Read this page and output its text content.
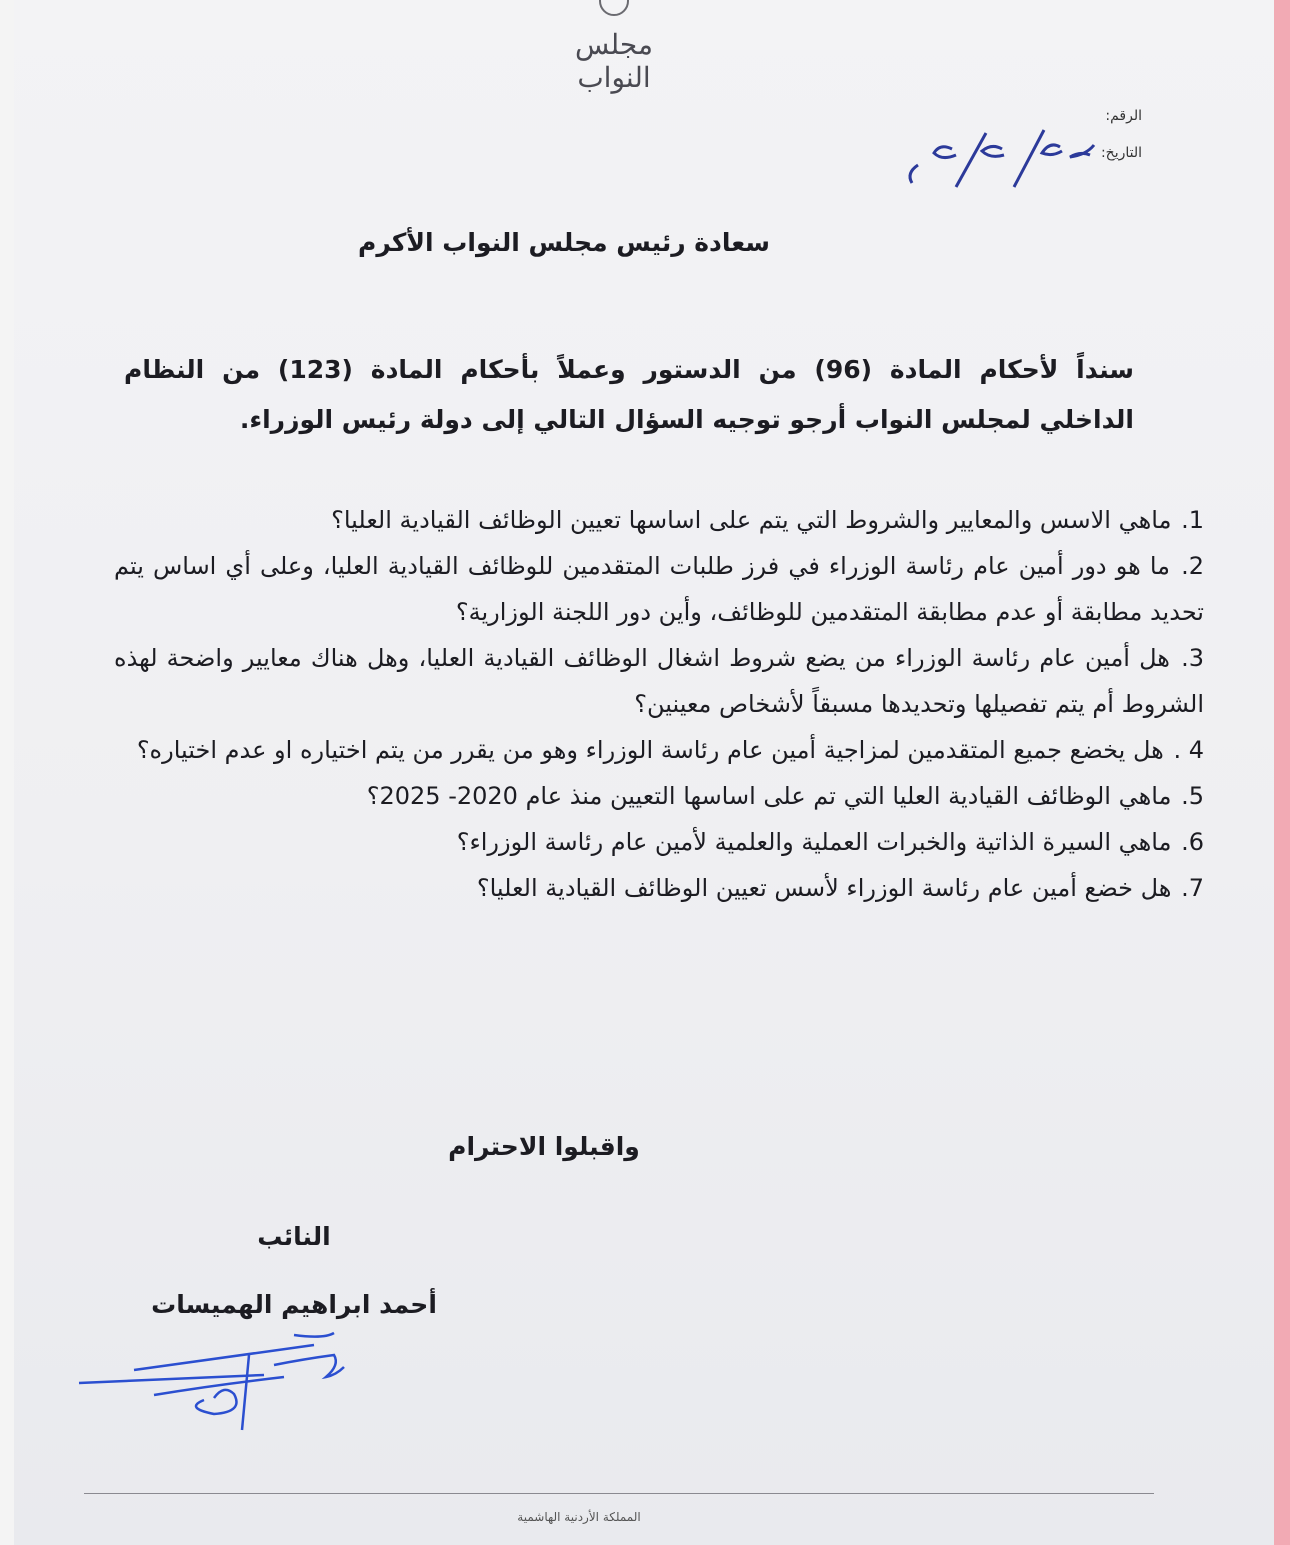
مجلس النواب
الرقم:
التاريخ:
سعادة رئيس مجلس النواب الأكرم
سنداً لأحكام المادة (96) من الدستور وعملاً بأحكام المادة (123) من النظام الداخلي لمجلس النواب أرجو توجيه السؤال التالي إلى دولة رئيس الوزراء.
1. ماهي الاسس والمعايير والشروط التي يتم على اساسها تعيين الوظائف القيادية العليا؟
2. ما هو دور أمين عام رئاسة الوزراء في فرز طلبات المتقدمين للوظائف القيادية العليا، وعلى أي اساس يتم تحديد مطابقة أو عدم مطابقة المتقدمين للوظائف، وأين دور اللجنة الوزارية؟
3. هل أمين عام رئاسة الوزراء من يضع شروط اشغال الوظائف القيادية العليا، وهل هناك معايير واضحة لهذه الشروط أم يتم تفصيلها وتحديدها مسبقاً لأشخاص معينين؟
4 . هل يخضع جميع المتقدمين لمزاجية أمين عام رئاسة الوزراء وهو من يقرر من يتم اختياره او عدم اختياره؟
5. ماهي الوظائف القيادية العليا التي تم على اساسها التعيين منذ عام 2020- 2025؟
6. ماهي السيرة الذاتية والخبرات العملية والعلمية لأمين عام رئاسة الوزراء؟
7. هل خضع أمين عام رئاسة الوزراء لأسس تعيين الوظائف القيادية العليا؟
واقبلوا الاحترام
النائب
أحمد ابراهيم الهميسات
المملكة الأردنية الهاشمية
